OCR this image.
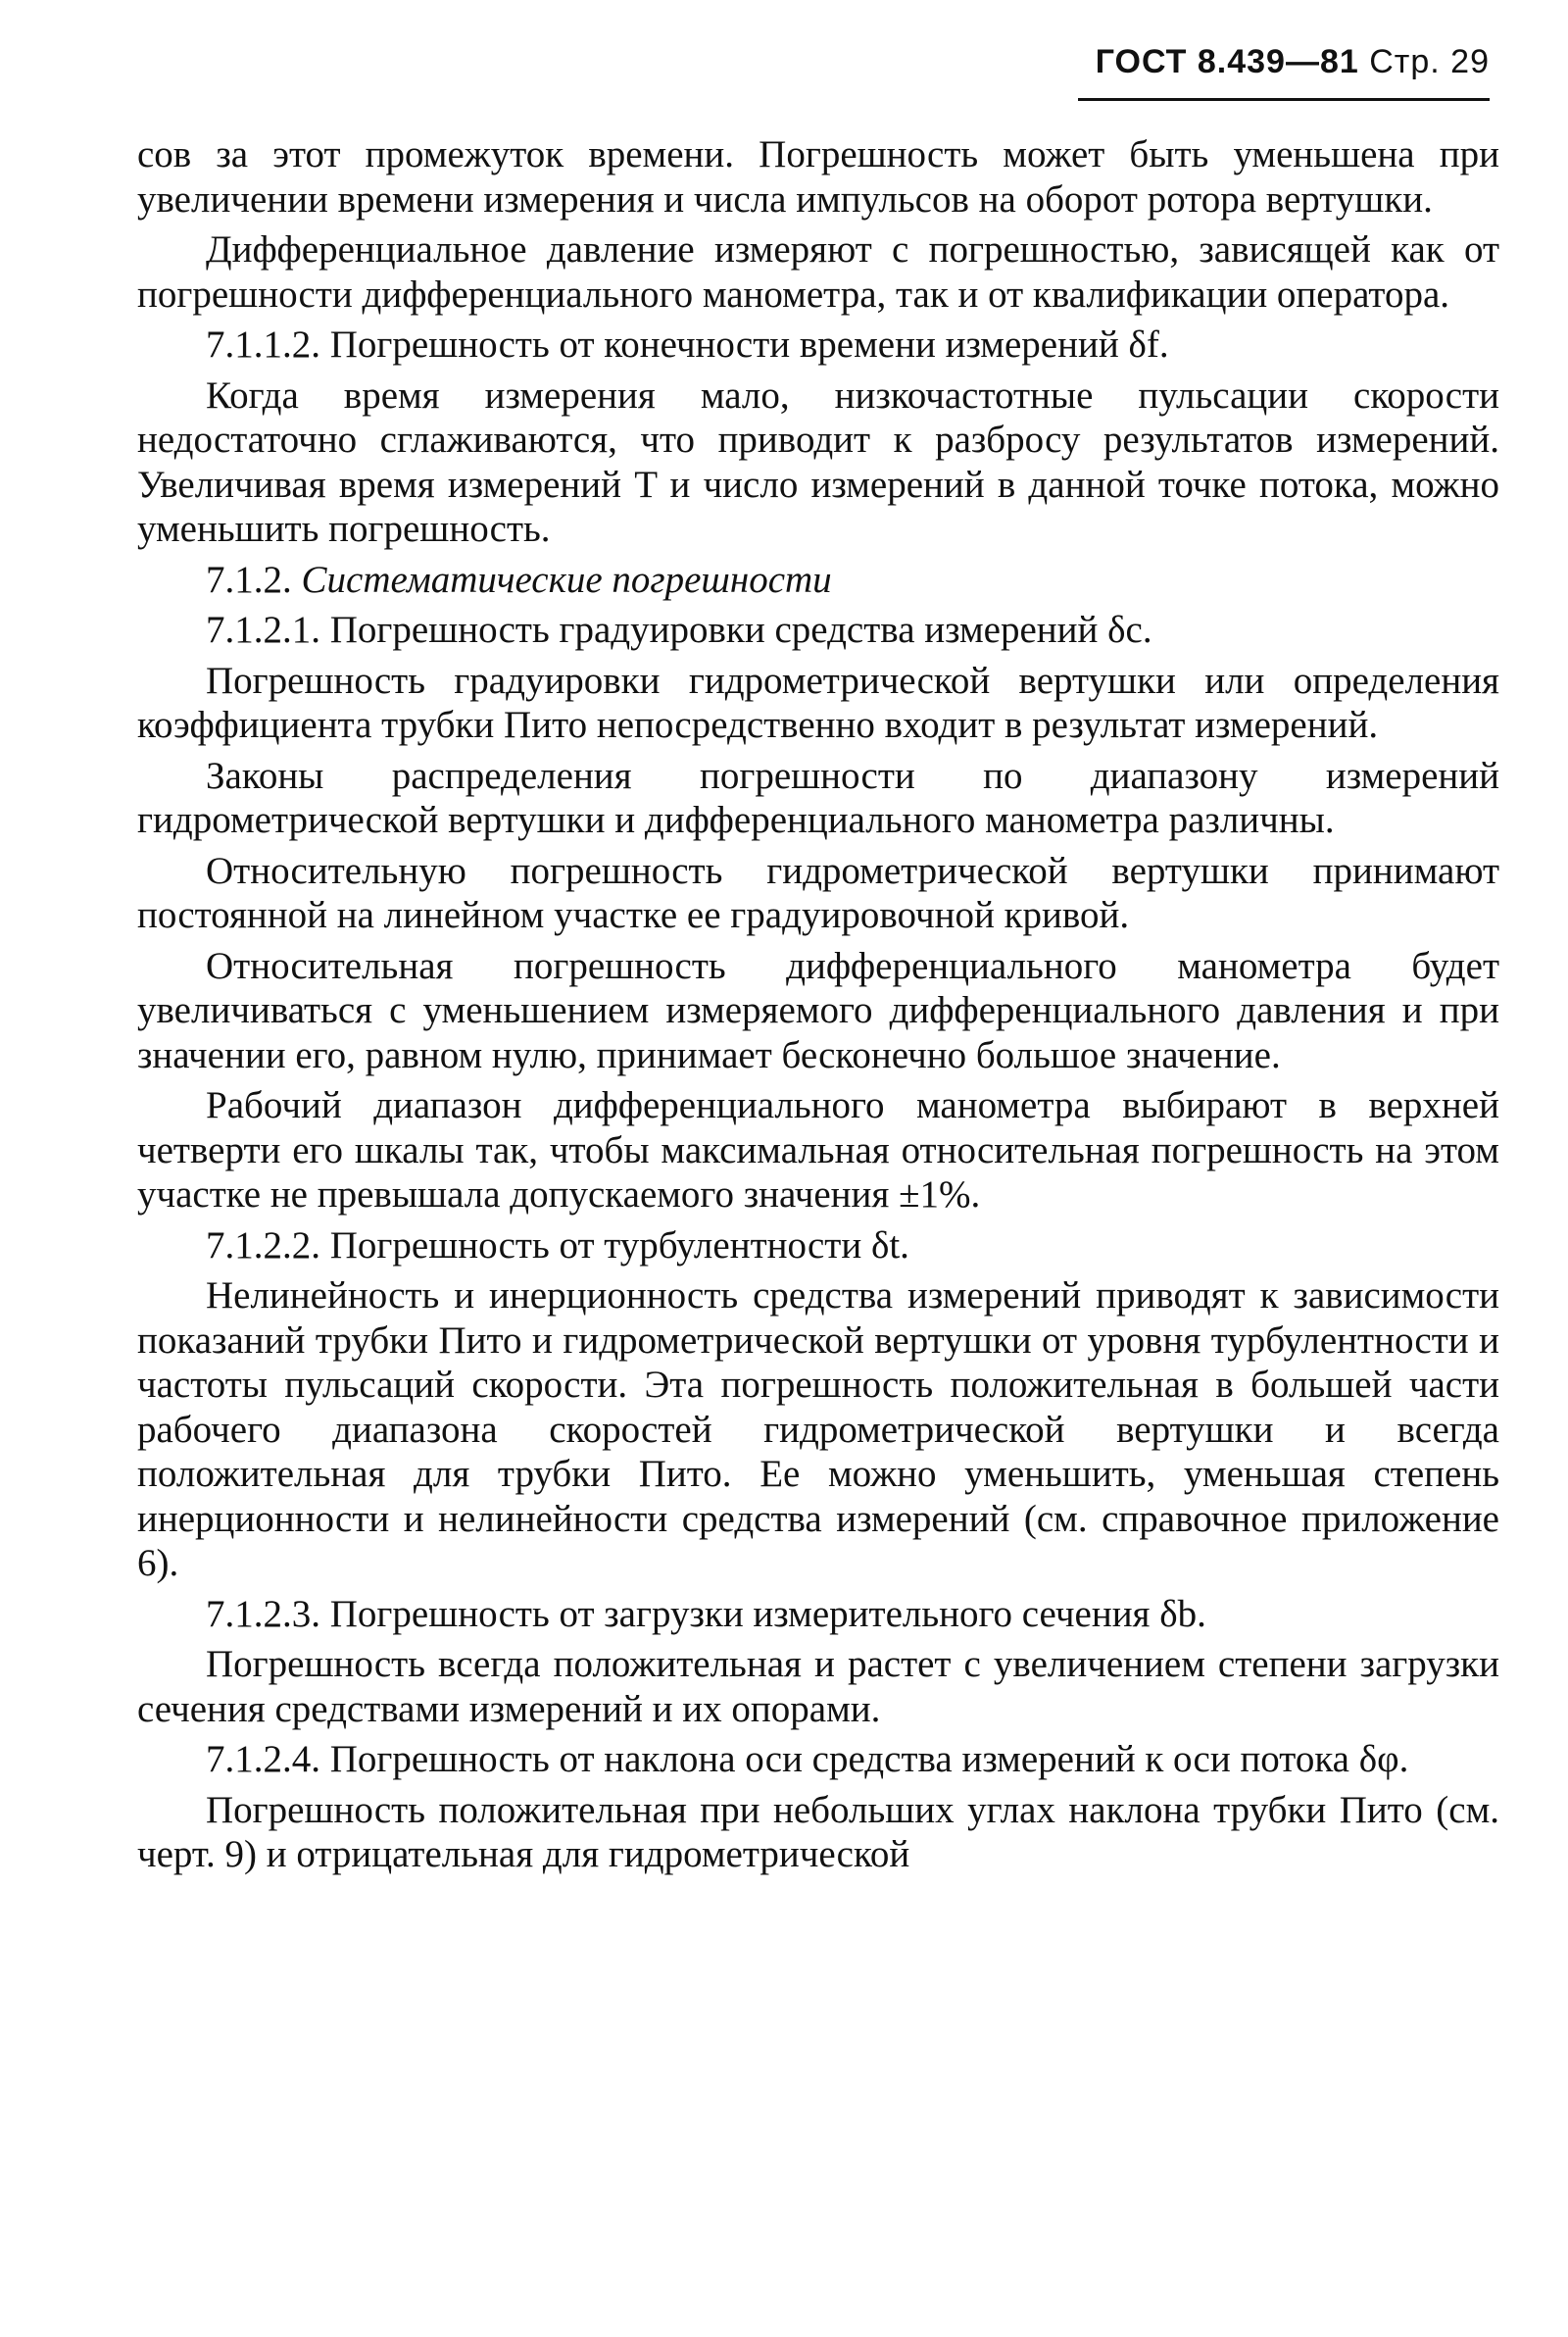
ГОСТ 8.439—81 Стр. 29

сов за этот промежуток времени. Погрешность может быть уменьшена при увеличении времени измерения и числа импульсов на оборот ротора вертушки.

Дифференциальное давление измеряют с погрешностью, зависящей как от погрешности дифференциального манометра, так и от квалификации оператора.

7.1.1.2. Погрешность от конечности времени измерений δf.

Когда время измерения мало, низкочастотные пульсации скорости недостаточно сглаживаются, что приводит к разбросу результатов измерений. Увеличивая время измерений T и число измерений в данной точке потока, можно уменьшить погрешность.

7.1.2. Систематические погрешности

7.1.2.1. Погрешность градуировки средства измерений δc.

Погрешность градуировки гидрометрической вертушки или определения коэффициента трубки Пито непосредственно входит в результат измерений.

Законы распределения погрешности по диапазону измерений гидрометрической вертушки и дифференциального манометра различны.

Относительную погрешность гидрометрической вертушки принимают постоянной на линейном участке ее градуировочной кривой.

Относительная погрешность дифференциального манометра будет увеличиваться с уменьшением измеряемого дифференциального давления и при значении его, равном нулю, принимает бесконечно большое значение.

Рабочий диапазон дифференциального манометра выбирают в верхней четверти его шкалы так, чтобы максимальная относительная погрешность на этом участке не превышала допускаемого значения ±1%.

7.1.2.2. Погрешность от турбулентности δt.

Нелинейность и инерционность средства измерений приводят к зависимости показаний трубки Пито и гидрометрической вертушки от уровня турбулентности и частоты пульсаций скорости. Эта погрешность положительная в большей части рабочего диапазона скоростей гидрометрической вертушки и всегда положительная для трубки Пито. Ее можно уменьшить, уменьшая степень инерционности и нелинейности средства измерений (см. справочное приложение 6).

7.1.2.3. Погрешность от загрузки измерительного сечения δb.

Погрешность всегда положительная и растет с увеличением степени загрузки сечения средствами измерений и их опорами.

7.1.2.4. Погрешность от наклона оси средства измерений к оси потока δφ.

Погрешность положительная при небольших углах наклона трубки Пито (см. черт. 9) и отрицательная для гидрометрической
